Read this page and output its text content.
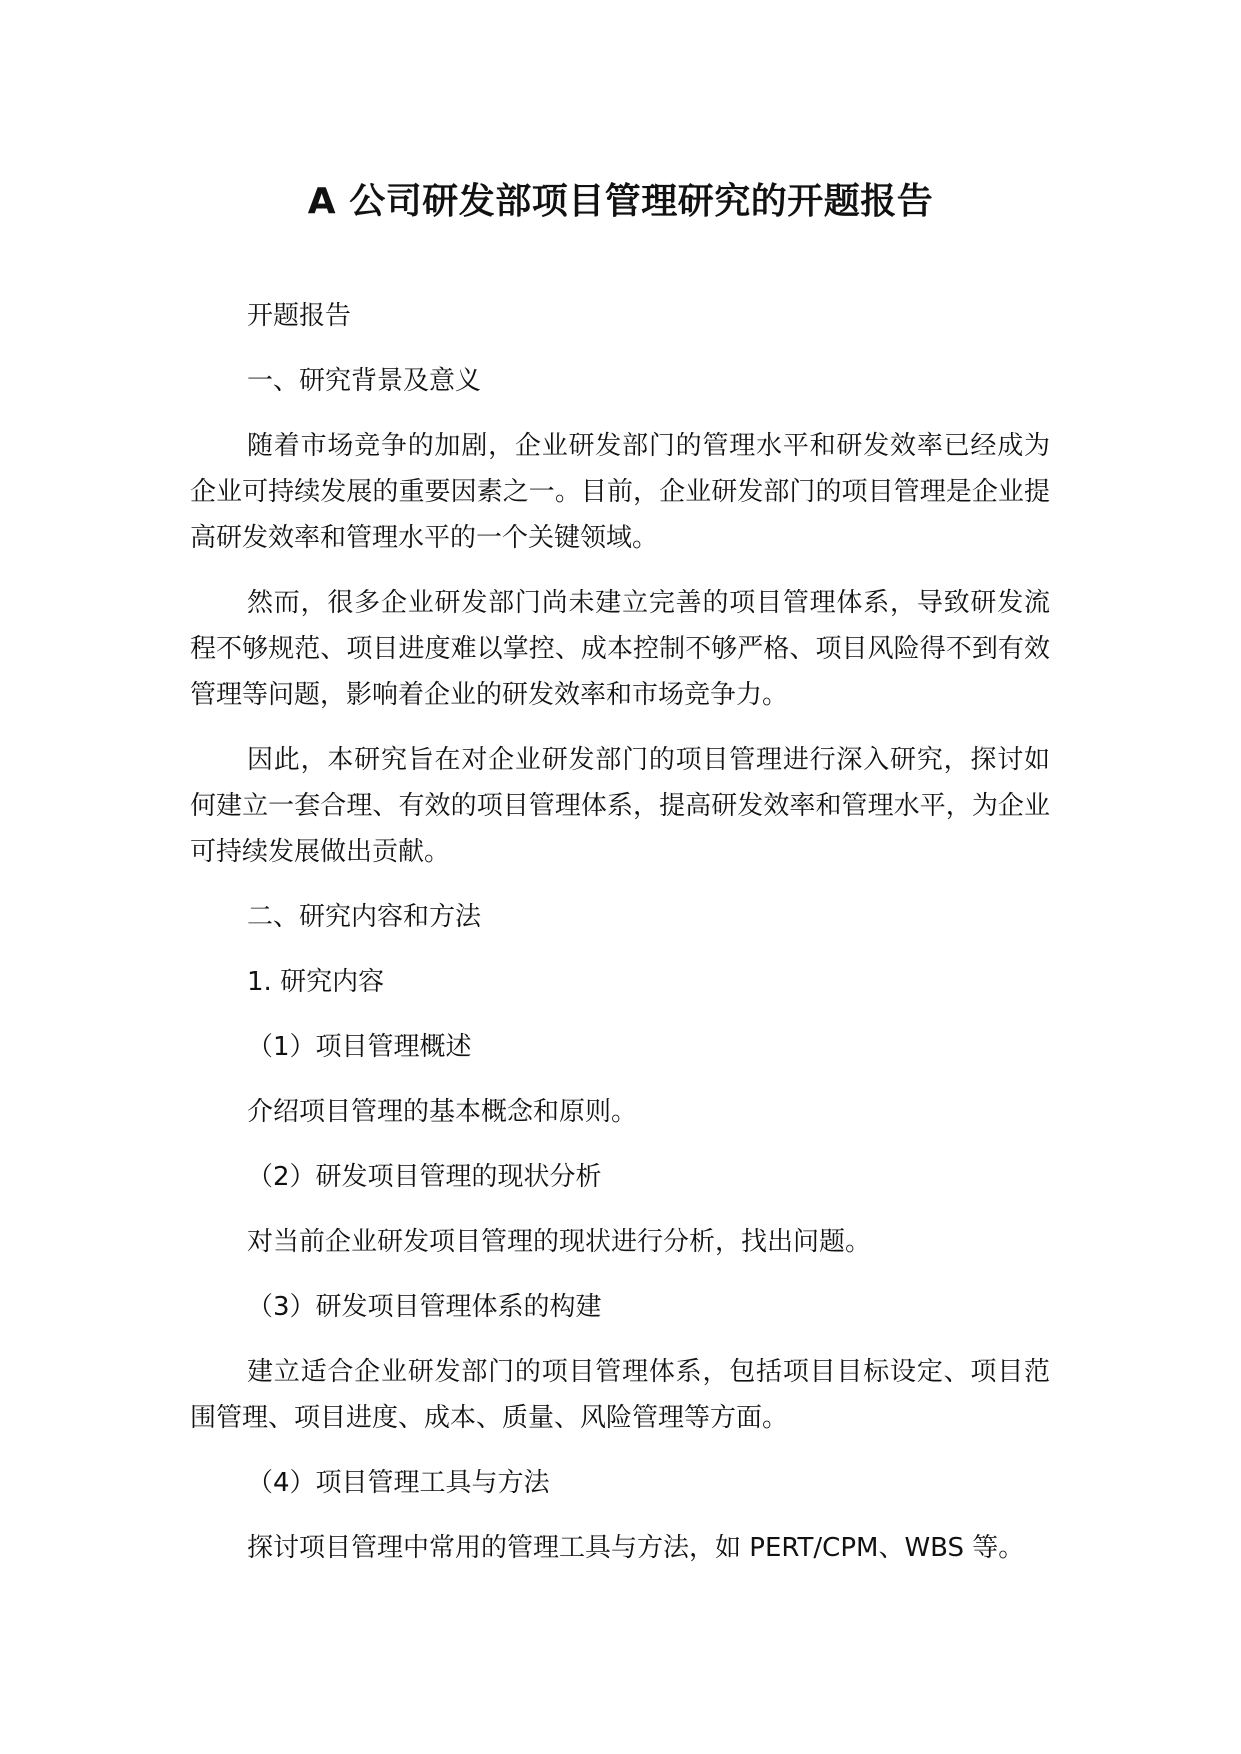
A 公司研发部项目管理研究的开题报告

开题报告

一、研究背景及意义

随着市场竞争的加剧，企业研发部门的管理水平和研发效率已经成为企业可持续发展的重要因素之一。目前，企业研发部门的项目管理是企业提高研发效率和管理水平的一个关键领域。

然而，很多企业研发部门尚未建立完善的项目管理体系，导致研发流程不够规范、项目进度难以掌控、成本控制不够严格、项目风险得不到有效管理等问题，影响着企业的研发效率和市场竞争力。

因此，本研究旨在对企业研发部门的项目管理进行深入研究，探讨如何建立一套合理、有效的项目管理体系，提高研发效率和管理水平，为企业可持续发展做出贡献。

二、研究内容和方法

1. 研究内容

（1）项目管理概述

介绍项目管理的基本概念和原则。

（2）研发项目管理的现状分析

对当前企业研发项目管理的现状进行分析，找出问题。

（3）研发项目管理体系的构建

建立适合企业研发部门的项目管理体系，包括项目目标设定、项目范围管理、项目进度、成本、质量、风险管理等方面。

（4）项目管理工具与方法

探讨项目管理中常用的管理工具与方法，如 PERT/CPM、WBS 等。
